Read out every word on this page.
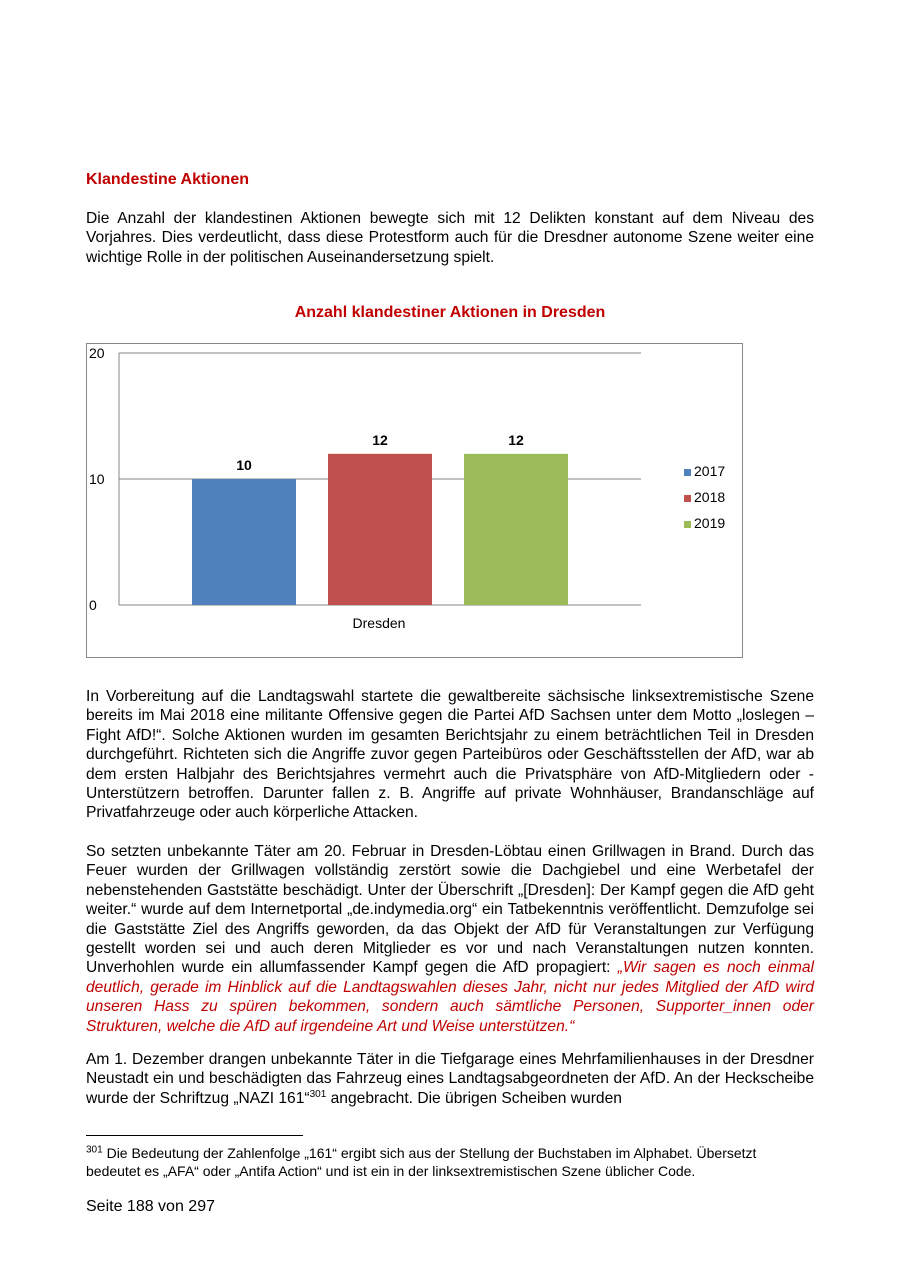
Klandestine Aktionen

Die Anzahl der klandestinen Aktionen bewegte sich mit 12 Delikten konstant auf dem Niveau des Vorjahres. Dies verdeutlicht, dass diese Protestform auch für die Dresdner autonome Szene weiter eine wichtige Rolle in der politischen Auseinandersetzung spielt.

Anzahl klandestiner Aktionen in Dresden
0
10
20
10
12	12
Dresden
2017
2018
2019

In Vorbereitung auf die Landtagswahl startete die gewaltbereite sächsische linksextremistische Szene bereits im Mai 2018 eine militante Offensive gegen die Partei AfD Sachsen unter dem Motto „loslegen – Fight AfD!“. Solche Aktionen wurden im gesamten Berichtsjahr zu einem beträchtlichen Teil in Dresden durchgeführt. Richteten sich die Angriffe zuvor gegen Parteibüros oder Geschäftsstellen der AfD, war ab dem ersten Halbjahr des Berichtsjahres vermehrt auch die Privatsphäre von AfD-Mitgliedern oder -Unterstützern betroffen. Darunter fallen z. B. Angriffe auf private Wohnhäuser, Brandanschläge auf Privatfahrzeuge oder auch körperliche Attacken.

So setzten unbekannte Täter am 20. Februar in Dresden-Löbtau einen Grillwagen in Brand. Durch das Feuer wurden der Grillwagen vollständig zerstört sowie die Dachgiebel und eine Werbetafel der nebenstehenden Gaststätte beschädigt. Unter der Überschrift „[Dresden]: Der Kampf gegen die AfD geht weiter.“ wurde auf dem Internetportal „de.indymedia.org“ ein Tatbekenntnis veröffentlicht. Demzufolge sei die Gaststätte Ziel des Angriffs geworden, da das Objekt der AfD für Veranstaltungen zur Verfügung gestellt worden sei und auch deren Mitglieder es vor und nach Veranstaltungen nutzen konnten. Unverhohlen wurde ein allumfassender Kampf gegen die AfD propagiert: „Wir sagen es noch einmal deutlich, gerade im Hinblick auf die Landtagswahlen dieses Jahr, nicht nur jedes Mitglied der AfD wird unseren Hass zu spüren bekommen, sondern auch sämtliche Personen, Supporter_innen oder Strukturen, welche die AfD auf irgendeine Art und Weise unterstützen.“

Am 1. Dezember drangen unbekannte Täter in die Tiefgarage eines Mehrfamilienhauses in der Dresdner Neustadt ein und beschädigten das Fahrzeug eines Landtagsabgeordneten der AfD. An der Heckscheibe wurde der Schriftzug „NAZI 161“$^{301}$ angebracht. Die übrigen Scheiben wurden

$^{301}$ Die Bedeutung der Zahlenfolge „161“ ergibt sich aus der Stellung der Buchstaben im Alphabet. Übersetzt bedeutet es „AFA“ oder „Antifa Action“ und ist ein in der linksextremistischen Szene üblicher Code.
Seite 188 von 297
